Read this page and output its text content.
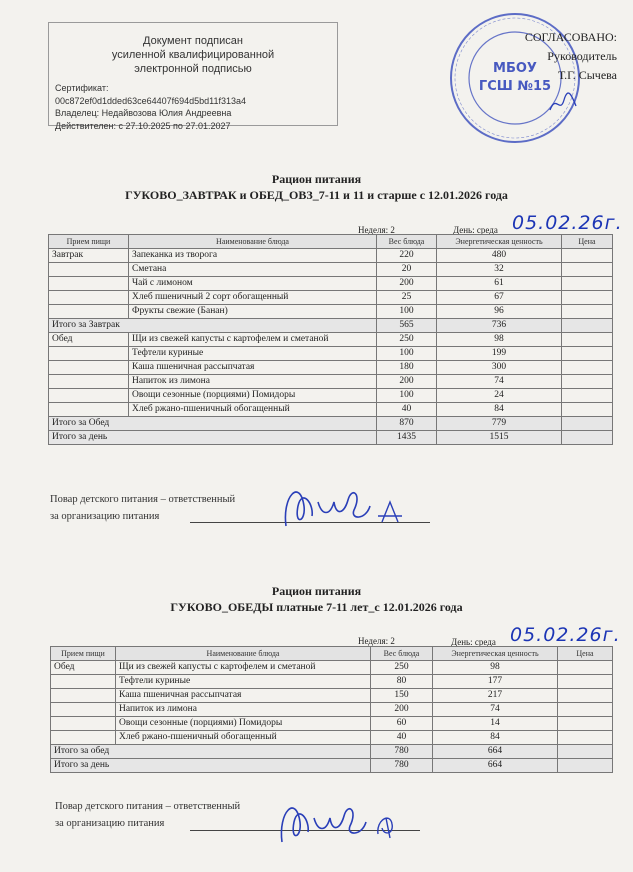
Документ подписан
усиленной квалифицированной
электронной подписью
Сертификат:
00c872ef0d1dded63ce64407f694d5bd11f313a4
Владелец: Недайвозова Юлия Андреевна
Действителен: с 27.10.2025 по 27.01.2027
МБОУ
ГСШ №15
СОГЛАСОВАНО:
Руководитель
Т.Г. Сычева
Рацион питания
ГУКОВО_ЗАВТРАК и ОБЕД_ОВЗ_7-11 и 11 и старше с 12.01.2026 года
Неделя: 2	День: среда 05.02.26г.
Прием пищи	Наименование блюда	Вес блюда	Энергетическая ценность	Цена
Завтрак	Запеканка из творога	220	480	
	Сметана	20	32	
	Чай с лимоном	200	61	
	Хлеб пшеничный 2 сорт обогащенный	25	67	
	Фрукты свежие (Банан)	100	96	
Итого за Завтрак		565	736	
Обед	Щи из свежей капусты с картофелем и сметаной	250	98	
	Тефтели куриные	100	199	
	Каша пшеничная рассыпчатая	180	300	
	Напиток из лимона	200	74	
	Овощи сезонные (порциями) Помидоры	100	24	
	Хлеб ржано-пшеничный обогащенный	40	84	
Итого за Обед		870	779	
Итого за день		1435	1515	
Повар детского питания – ответственный
за организацию питания
Рацион питания
ГУКОВО_ОБЕДЫ платные 7-11 лет_с 12.01.2026 года
Неделя: 2	День: среда 05.02.26г.
Прием пищи	Наименование блюда	Вес блюда	Энергетическая ценность	Цена
Обед	Щи из свежей капусты с картофелем и сметаной	250	98	
	Тефтели куриные	80	177	
	Каша пшеничная рассыпчатая	150	217	
	Напиток из лимона	200	74	
	Овощи сезонные (порциями) Помидоры	60	14	
	Хлеб ржано-пшеничный обогащенный	40	84	
Итого за обед		780	664	
Итого за день		780	664	
Повар детского питания – ответственный
за организацию питания
